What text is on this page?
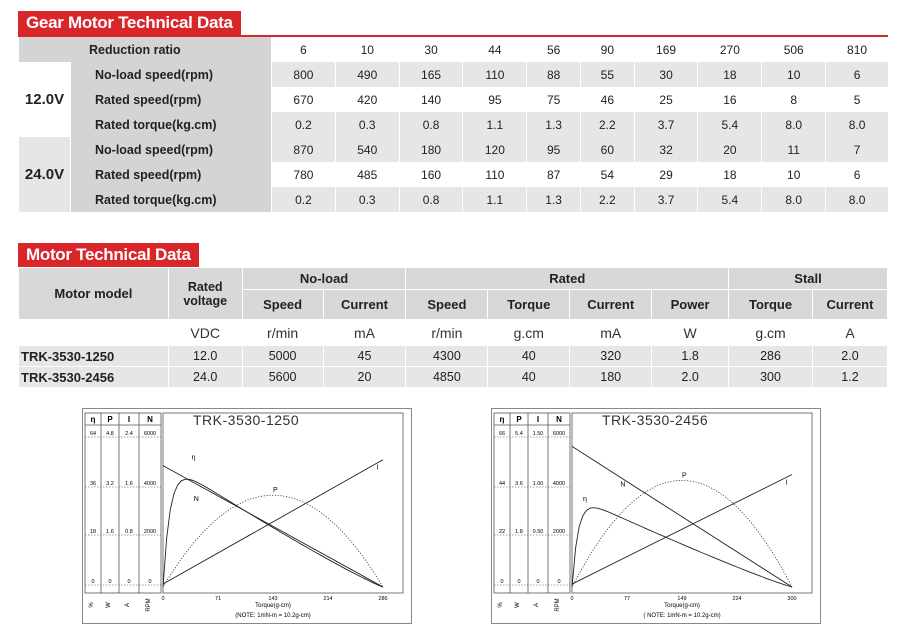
Gear Motor Technical Data
Reduction ratio		6	10	30	44	56	90	169	270	506	810
12.0V	No-load speed(rpm)	800	490	165	110	88	55	30	18	10	6
	Rated speed(rpm)	670	420	140	95	75	46	25	16	8	5
	Rated torque(kg.cm)	0.2	0.3	0.8	1.1	1.3	2.2	3.7	5.4	8.0	8.0
24.0V	No-load speed(rpm)	870	540	180	120	95	60	32	20	11	7
	Rated speed(rpm)	780	485	160	110	87	54	29	18	10	6
	Rated torque(kg.cm)	0.2	0.3	0.8	1.1	1.3	2.2	3.7	5.4	8.0	8.0
Motor Technical Data
Motor model	Rated voltage	No-load		Rated				Stall	
		Speed	Current	Speed	Torque	Current	Power	Torque	Current
	VDC	r/min	mA	r/min	g.cm	mA	W	g.cm	A
TRK-3530-1250	12.0	5000	45	4300	40	320	1.8	286	2.0
TRK-3530-2456	24.0	5600	20	4850	40	180	2.0	300	1.2
η P I N
64 4.8 2.4 6000
36 3.2 1.6 4000
18 1.6 0.8 2000
0	0	0	0
% W A	RPM
TRK-3530-1250
0	71	143	214	286
Torque(g-cm)
(NOTE: 1mN-m = 10.2g-cm)
η
N
P
I
η P I N
66 5.4 1.50 6000
44 3.6 1.00 4000
22 1.8 0.50 2000
0	0	0	0
% W A	RPM
TRK-3530-2456
0	77	149	224	300
Torque(g-cm)
( NOTE: 1mN-m = 10.2g-cm)
η
N
P
I
